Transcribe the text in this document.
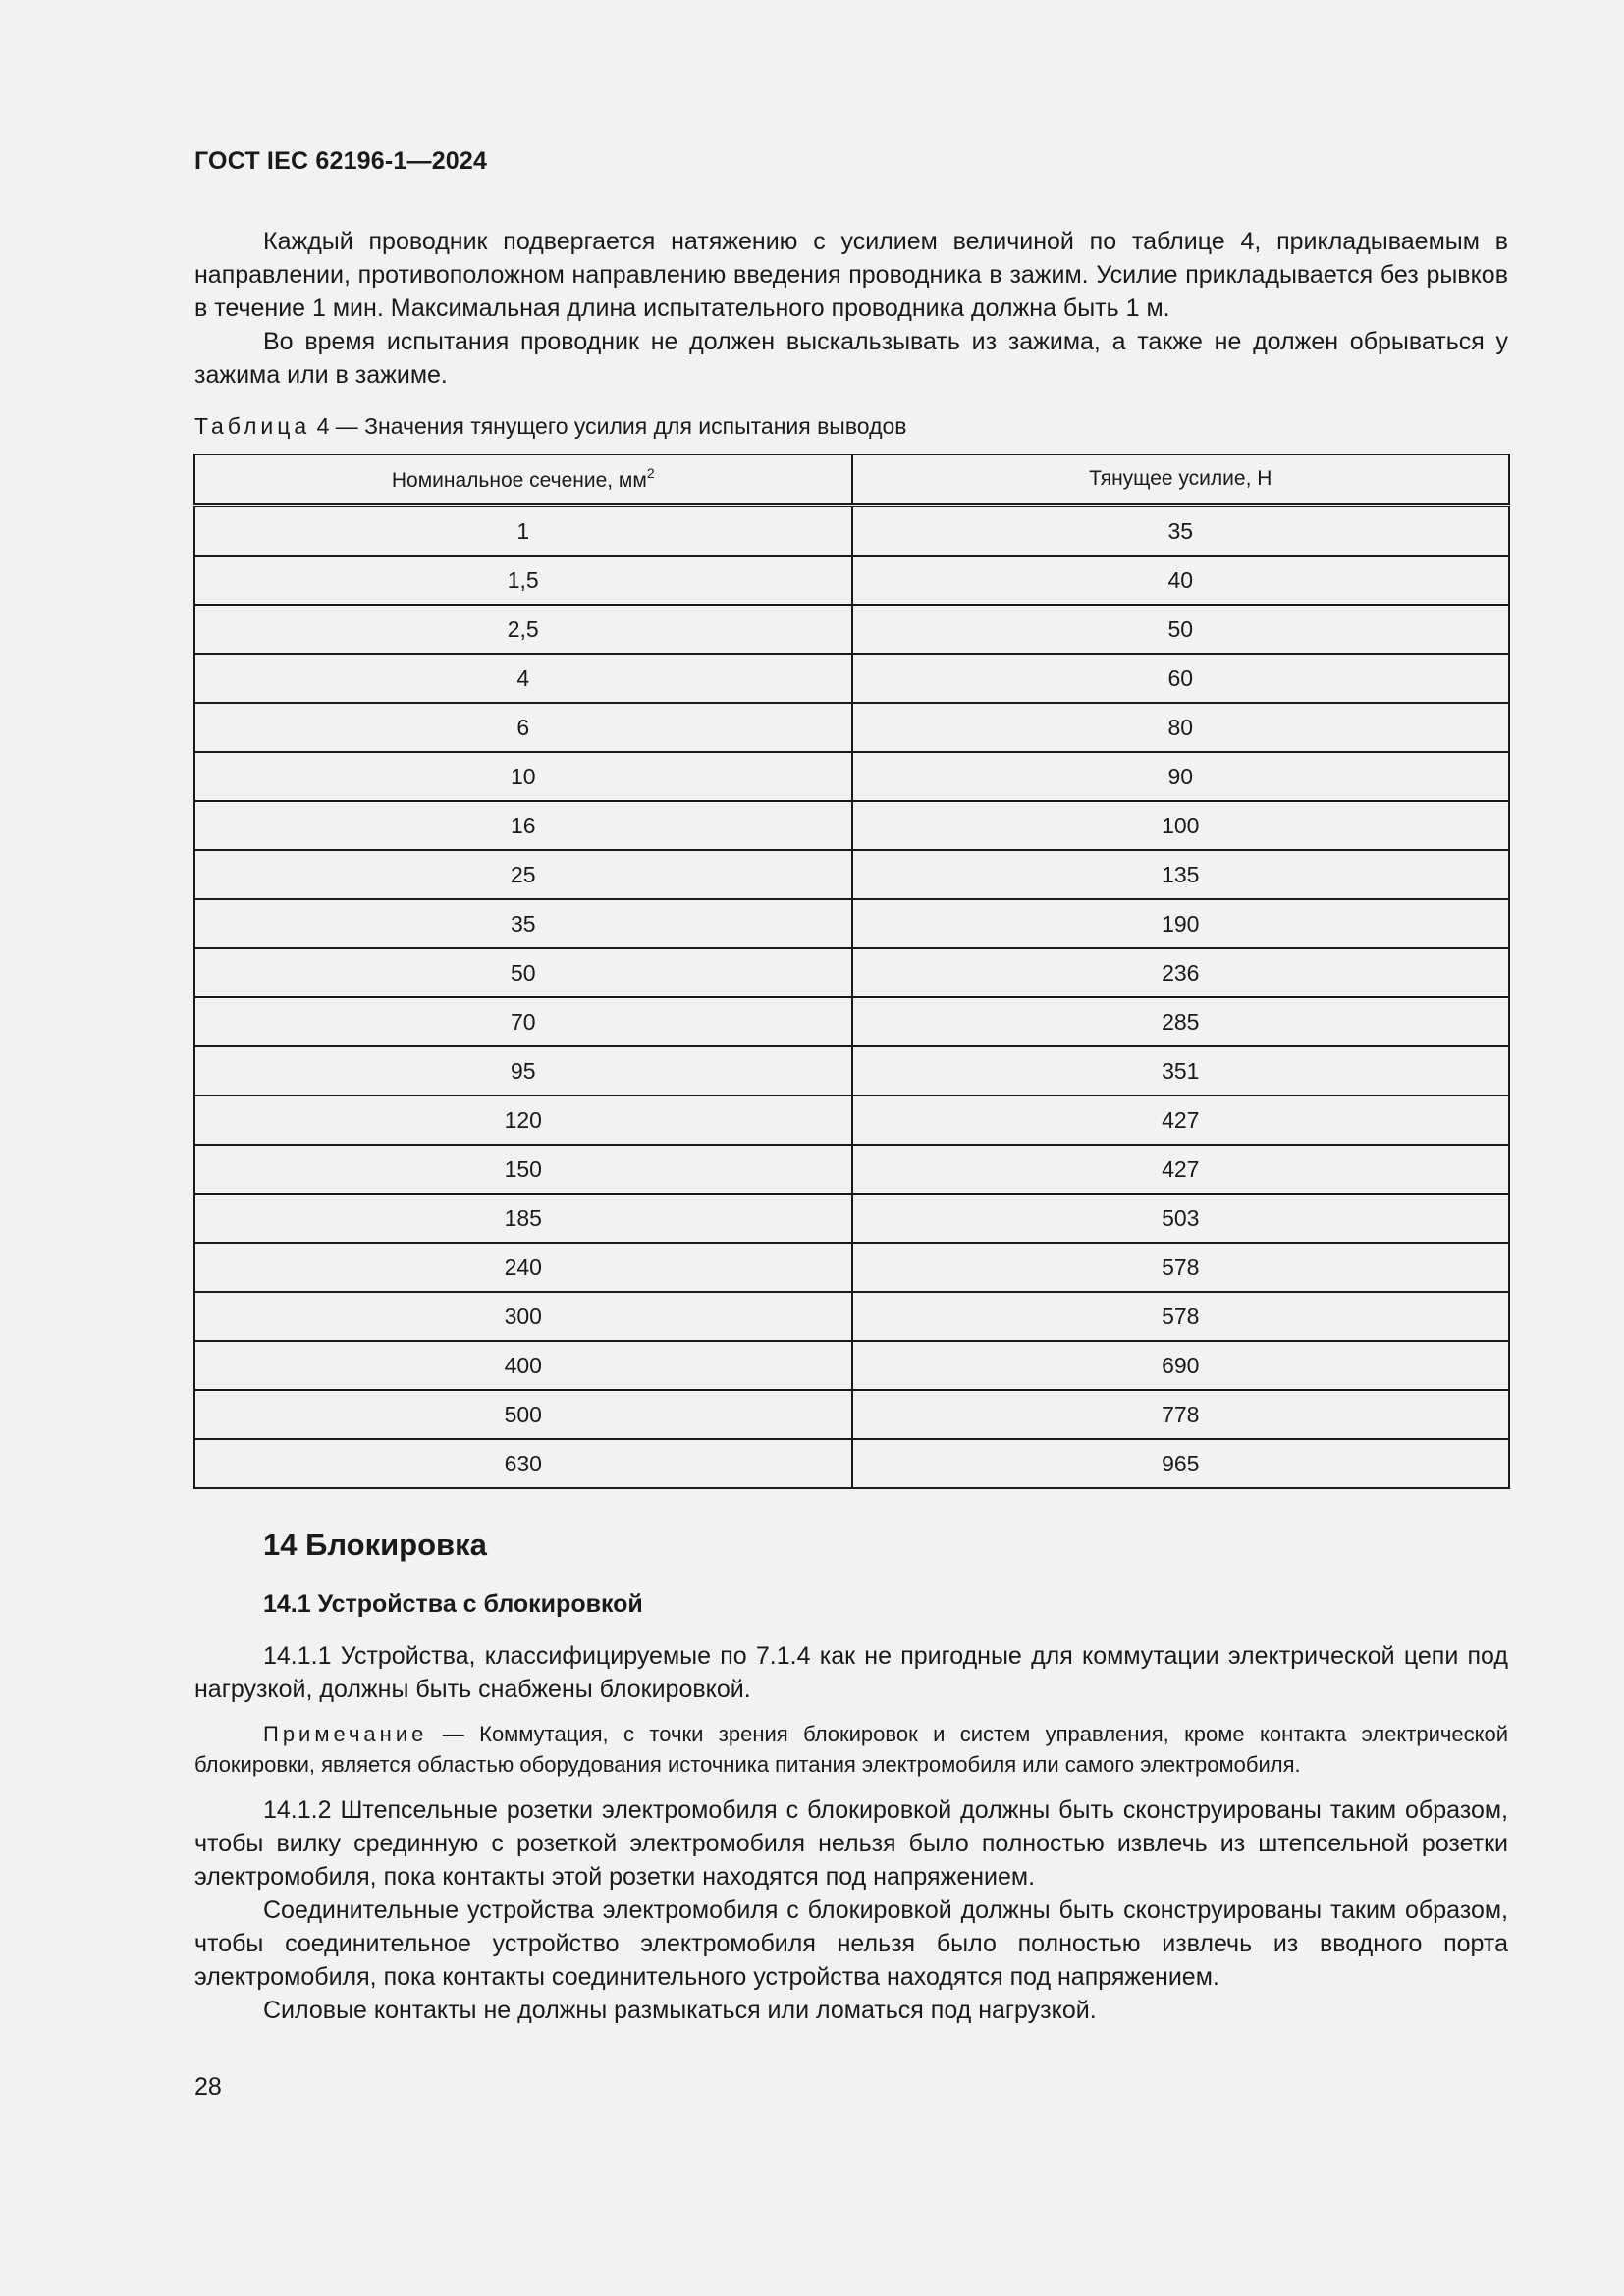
ГОСТ IEC 62196-1—2024

Каждый проводник подвергается натяжению с усилием величиной по таблице 4, прикладываемым в направлении, противоположном направлению введения проводника в зажим. Усилие прикладывается без рывков в течение 1 мин. Максимальная длина испытательного проводника должна быть 1 м.

Во время испытания проводник не должен выскальзывать из зажима, а также не должен обрываться у зажима или в зажиме.

Таблица 4 — Значения тянущего усилия для испытания выводов
Номинальное сечение, $мм^2$	Тянущее усилие, Н
1	35
1,5	40
2,5	50
4	60
6	80
10	90
16	100
25	135
35	190
50	236
70	285
95	351
120	427
150	427
185	503
240	578
300	578
400	690
500	778
630	965
14 Блокировка
14.1 Устройства с блокировкой

14.1.1 Устройства, классифицируемые по 7.1.4 как не пригодные для коммутации электрической цепи под нагрузкой, должны быть снабжены блокировкой.

Примечание — Коммутация, с точки зрения блокировок и систем управления, кроме контакта электрической блокировки, является областью оборудования источника питания электромобиля или самого электромобиля.

14.1.2 Штепсельные розетки электромобиля с блокировкой должны быть сконструированы таким образом, чтобы вилку срединную с розеткой электромобиля нельзя было полностью извлечь из штепсельной розетки электромобиля, пока контакты этой розетки находятся под напряжением.

Соединительные устройства электромобиля с блокировкой должны быть сконструированы таким образом, чтобы соединительное устройство электромобиля нельзя было полностью извлечь из вводного порта электромобиля, пока контакты соединительного устройства находятся под напряжением.

Силовые контакты не должны размыкаться или ломаться под нагрузкой.

28
